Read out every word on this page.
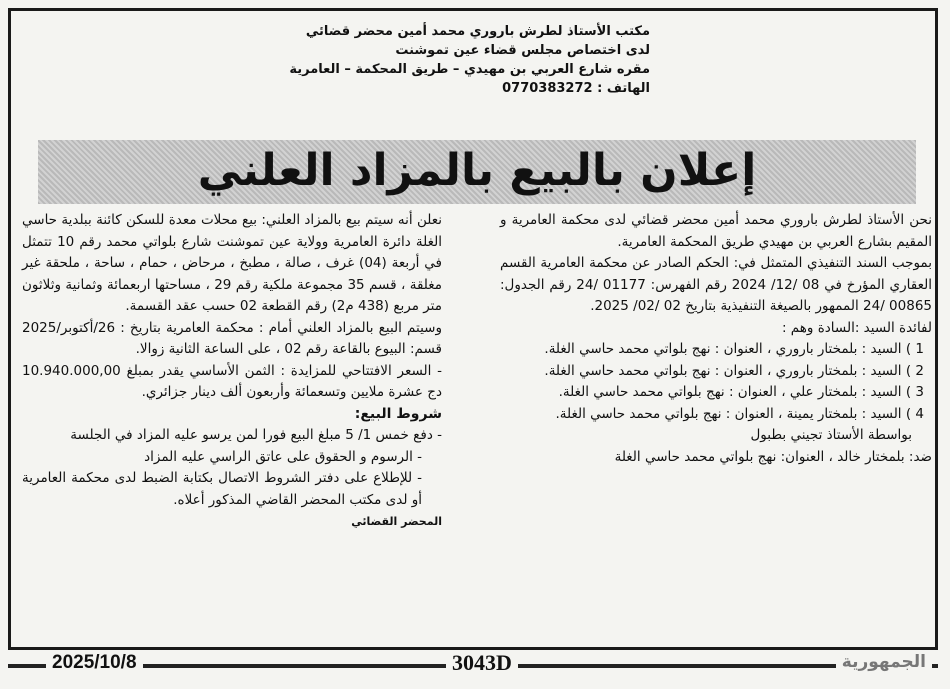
مكتب الأستاذ لطرش باروري محمد أمين محضر قضائي
لدى اختصاص مجلس قضاء عين تموشنت
مقره شارع العربي بن مهيدي – طريق المحكمة – العامرية
الهاتف : 0770383272
إعلان بالبيع بالمزاد العلني

نحن الأستاذ لطرش باروري محمد أمين محضر قضائي لدى محكمة العامرية و المقيم بشارع العربي بن مهيدي طريق المحكمة العامرية.

بموجب السند التنفيذي المتمثل في: الحكم الصادر عن محكمة العامرية القسم العقاري المؤرخ في 08 /12/ 2024 رقم الفهرس: 01177 /24 رقم الجدول: 00865 /24 الممهور بالصيغة التنفيذية بتاريخ 02 /02/ 2025.

لفائدة السيد :السادة وهم :

1 ) السيد : بلمختار باروري ، العنوان : نهج بلواتي محمد حاسي الغلة.

2 ) السيد : بلمختار باروري ، العنوان : نهج بلواتي محمد حاسي الغلة.

3 ) السيد : بلمختار علي ، العنوان : نهج بلواتي محمد حاسي الغلة.

4 ) السيد : بلمختار يمينة ، العنوان : نهج بلواتي محمد حاسي الغلة.

بواسطة الأستاذ تجيني بطبول

ضد: بلمختار خالد ، العنوان: نهج بلواتي محمد حاسي الغلة

نعلن أنه سيتم بيع بالمزاد العلني: بيع محلات معدة للسكن كائنة ببلدية حاسي الغلة دائرة العامرية وولاية عين تموشنت شارع بلواتي محمد رقم 10 تتمثل في أربعة (04) غرف ، صالة ، مطبخ ، مرحاض ، حمام ، ساحة ، ملحقة غير مغلقة ، قسم 35 مجموعة ملكية رقم 29 ، مساحتها اربعمائة وثمانية وثلاثون متر مربع (438 م2) رقم القطعة 02 حسب عقد القسمة.

وسيتم البيع بالمزاد العلني أمام : محكمة العامرية بتاريخ : 26/أكتوبر/2025 قسم: البيوع بالقاعة رقم 02 ، على الساعة الثانية زوالا.

- السعر الافتتاحي للمزايدة : الثمن الأساسي يقدر بمبلغ 10.940.000,00 دج عشرة ملايين وتسعمائة وأربعون ألف دينار جزائري.

شروط البيع:

- دفع خمس 1/ 5 مبلغ البيع فورا لمن يرسو عليه المزاد في الجلسة

- الرسوم و الحقوق على عاتق الراسي عليه المزاد

- للإطلاع على دفتر الشروط الاتصال بكتابة الضبط لدى محكمة العامرية أو لدى مكتب المحضر القاضي المذكور أعلاه.

المحضر القضائي

2025/10/8	3043D	الجمهورية
